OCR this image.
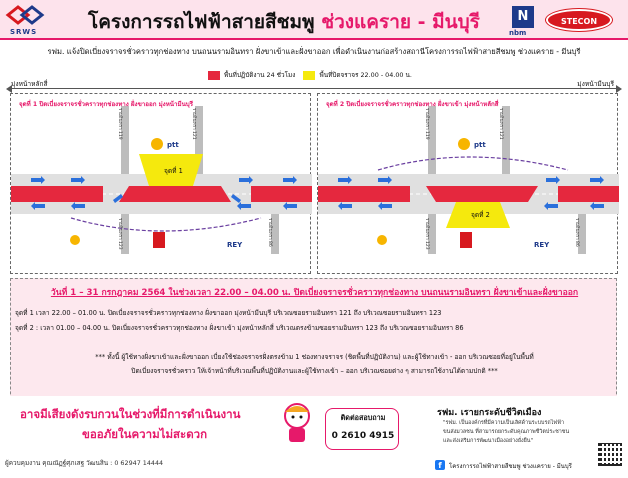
SRWS	โครงการรถไฟฟ้าสายสีชมพู ช่วงแคราย - มีนบุรี	N
nbm
STECON
รฟม. แจ้งปิดเบี่ยงจราจรชั่วคราวทุกช่องทาง บนถนนรามอินทรา ฝั่งขาเข้าและฝั่งขาออก เพื่อดำเนินงานก่อสร้างสถานีโครงการรถไฟฟ้าสายสีชมพู ช่วงแคราย - มีนบุรี
พื้นที่ปฏิบัติงาน 24 ชั่วโมง	พื้นที่ปิดจราจร 22.00 - 04.00 น.
มุ่งหน้าหลักสี่	มุ่งหน้ามีนบุรี
ptt
REY
รามอินทรา 119	รามอินทรา 121
รามอินทรา 123	รามอินทรา 86
จุดที่ 1 ปิดเบี่ยงจราจรชั่วคราวทุกช่องทาง ฝั่งขาออก มุ่งหน้ามีนบุรี
จุดที่ 1
ptt
REY
รามอินทรา 119	รามอินทรา 121
รามอินทรา 123	รามอินทรา 86
จุดที่ 2 ปิดเบี่ยงจราจรชั่วคราวทุกช่องทาง ฝั่งขาเข้า มุ่งหน้าหลักสี่
จุดที่ 2
วันที่ 1 – 31 กรกฎาคม 2564 ในช่วงเวลา 22.00 – 04.00 น. ปิดเบี่ยงจราจรชั่วคราวทุกช่องทาง บนถนนรามอินทรา ฝั่งขาเข้าและฝั่งขาออก
จุดที่ 1 เวลา 22.00 – 01.00 น. ปิดเบี่ยงจราจรชั่วคราวทุกช่องทาง ฝั่งขาออก มุ่งหน้ามีนบุรี บริเวณซอยรามอินทรา 121 ถึง บริเวณซอยรามอินทรา 123
จุดที่ 2 : เวลา 01.00 – 04.00 น. ปิดเบี่ยงจราจรชั่วคราวทุกช่องทาง ฝั่งขาเข้า มุ่งหน้าหลักสี่ บริเวณตรงข้ามซอยรามอินทรา 123 ถึง บริเวณซอยรามอินทรา 86
*** ทั้งนี้ ผู้ใช้ทางฝั่งขาเข้าและฝั่งขาออก เบี่ยงใช้ช่องจราจรฝั่งตรงข้าม 1 ช่องทางจราจร (ชิดพื้นที่ปฏิบัติงาน) และผู้ใช้ทางเข้า - ออก บริเวณซอยที่อยู่ในพื้นที่
ปิดเบี่ยงจราจรชั่วคราว ให้เจ้าหน้าที่บริเวณพื้นที่ปฏิบัติงานและผู้ใช้ทางเข้า – ออก บริเวณซอยต่าง ๆ สามารถใช้งานได้ตามปกติ ***
อาจมีเสียงดังรบกวนในช่วงที่มีการดำเนินงาน
ขออภัยในความไม่สะดวก
ติดต่อสอบถาม
0 2610 4915
รฟม. เรายกระดับชีวิตเมือง
"รฟม. เป็นองค์กรที่มีความเป็นเลิศด้านระบบรถไฟฟ้า
ขนส่งมวลชน ที่สามารถยกระดับคุณภาพชีวิตประชาชน
และส่งเสริมการพัฒนาเมืองอย่างยั่งยืน"
ผู้ควบคุมงาน คุณณัฏฐ์ศุภเสฐ วัฒนสิน : 0 62947 14444	f	โครงการรถไฟฟ้าสายสีชมพู ช่วงแคราย - มีนบุรี
